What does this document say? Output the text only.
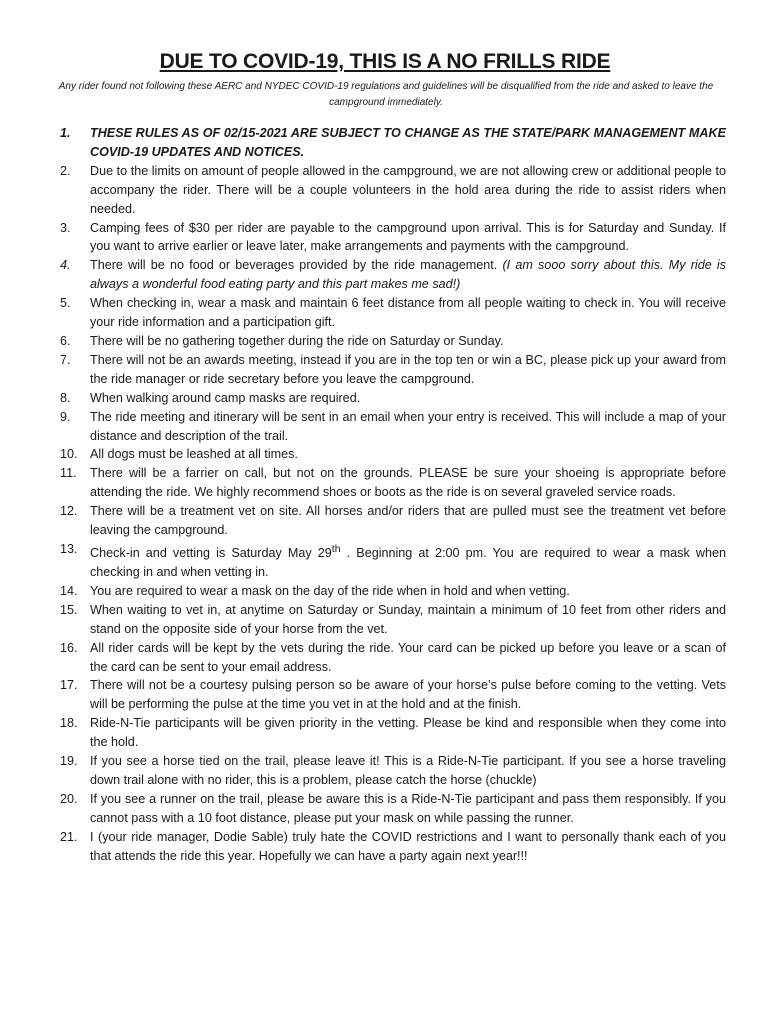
DUE TO COVID-19, THIS IS A NO FRILLS RIDE
Any rider found not following these AERC and NYDEC COVID-19 regulations and guidelines will be disqualified from the ride and asked to leave the campground immediately.
1.	THESE RULES AS OF 02/15-2021 ARE SUBJECT TO CHANGE AS THE STATE/PARK MANAGEMENT MAKE COVID-19 UPDATES AND NOTICES.
2.	Due to the limits on amount of people allowed in the campground, we are not allowing crew or additional people to accompany the rider. There will be a couple volunteers in the hold area during the ride to assist riders when needed.
3.	Camping fees of $30 per rider are payable to the campground upon arrival. This is for Saturday and Sunday. If you want to arrive earlier or leave later, make arrangements and payments with the campground.
4.	There will be no food or beverages provided by the ride management. (I am sooo sorry about this. My ride is always a wonderful food eating party and this part makes me sad!)
5.	When checking in, wear a mask and maintain 6 feet distance from all people waiting to check in. You will receive your ride information and a participation gift.
6.	There will be no gathering together during the ride on Saturday or Sunday.
7.	There will not be an awards meeting, instead if you are in the top ten or win a BC, please pick up your award from the ride manager or ride secretary before you leave the campground.
8.	When walking around camp masks are required.
9.	The ride meeting and itinerary will be sent in an email when your entry is received. This will include a map of your distance and description of the trail.
10. All dogs must be leashed at all times.
11.	There will be a farrier on call, but not on the grounds. PLEASE be sure your shoeing is appropriate before attending the ride. We highly recommend shoes or boots as the ride is on several graveled service roads.
12. There will be a treatment vet on site. All horses and/or riders that are pulled must see the treatment vet before leaving the campground.
13. Check-in and vetting is Saturday May 29th . Beginning at 2:00 pm. You are required to wear a mask when checking in and when vetting in.
14. You are required to wear a mask on the day of the ride when in hold and when vetting.
15. When waiting to vet in, at anytime on Saturday or Sunday, maintain a minimum of 10 feet from other riders and stand on the opposite side of your horse from the vet.
16. All rider cards will be kept by the vets during the ride. Your card can be picked up before you leave or a scan of the card can be sent to your email address.
17. There will not be a courtesy pulsing person so be aware of your horse’s pulse before coming to the vetting. Vets will be performing the pulse at the time you vet in at the hold and at the finish.
18. Ride-N-Tie participants will be given priority in the vetting. Please be kind and responsible when they come into the hold.
19. If you see a horse tied on the trail, please leave it! This is a Ride-N-Tie participant. If you see a horse traveling down trail alone with no rider, this is a problem, please catch the horse (chuckle)
20. If you see a runner on the trail, please be aware this is a Ride-N-Tie participant and pass them responsibly. If you cannot pass with a 10 foot distance, please put your mask on while passing the runner.
21. I (your ride manager, Dodie Sable) truly hate the COVID restrictions and I want to personally thank each of you that attends the ride this year. Hopefully we can have a party again next year!!!
